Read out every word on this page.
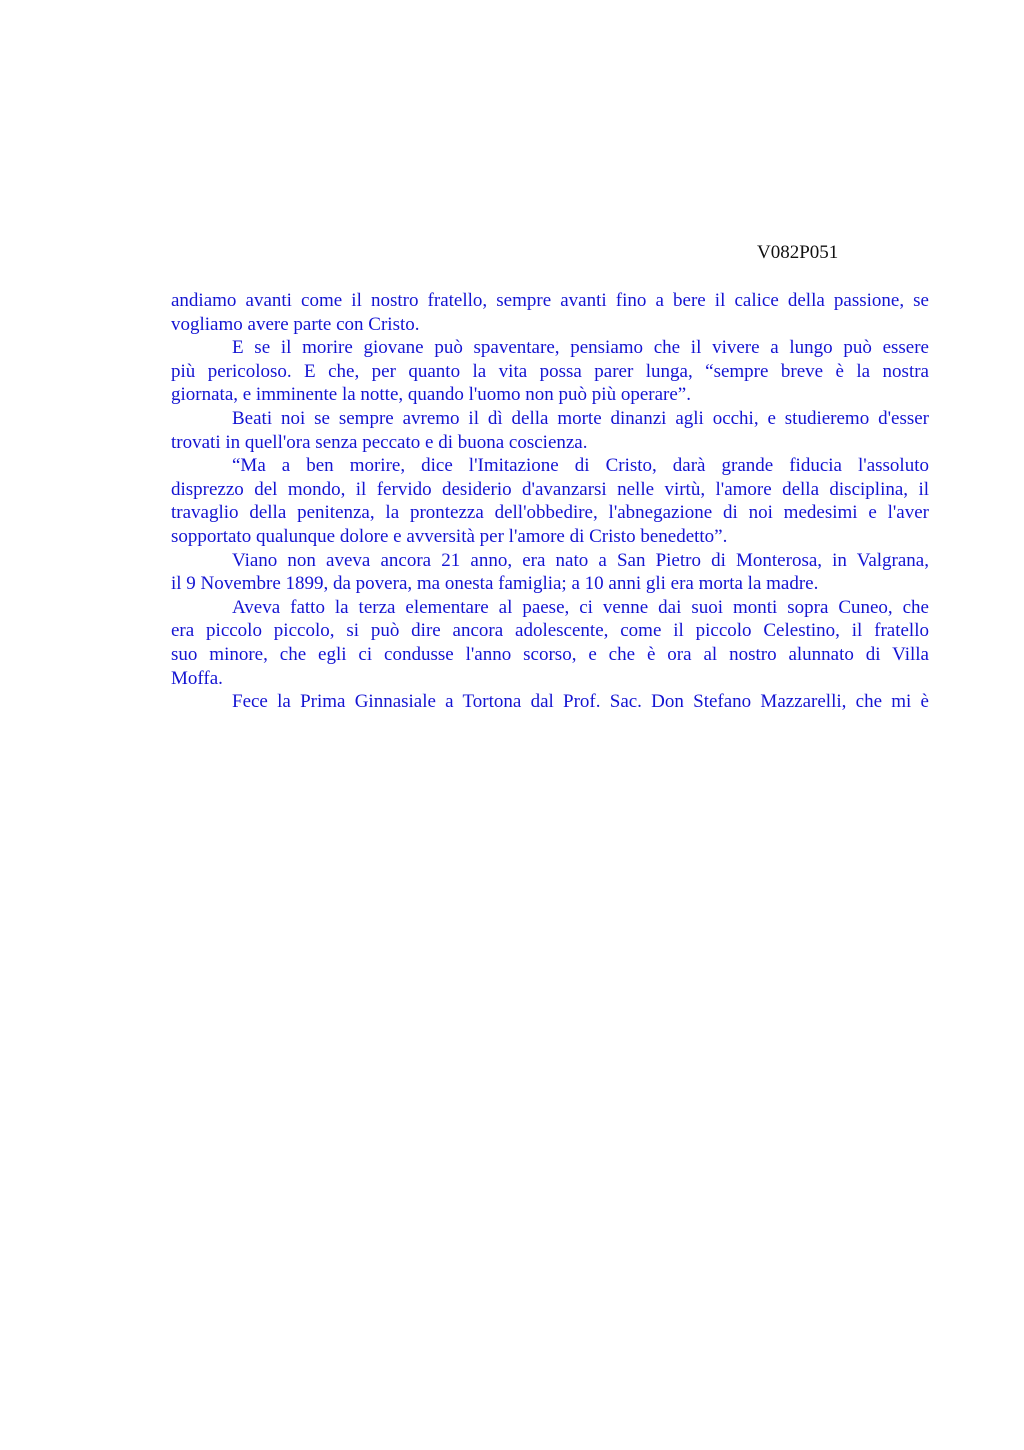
V082P051
andiamo avanti come il nostro fratello, sempre avanti fino a bere il calice della passione, se
vogliamo avere parte con Cristo.
E se il morire giovane può spaventare, pensiamo che il vivere a lungo può essere
più pericoloso. E che, per quanto la vita possa parer lunga, “sempre breve è la nostra
giornata, e imminente la notte, quando l'uomo non può più operare”.
Beati noi se sempre avremo il dì della morte dinanzi agli occhi, e studieremo d'esser
trovati in quell'ora senza peccato e di buona coscienza.
“Ma a ben morire, dice l'Imitazione di Cristo, darà grande fiducia l'assoluto
disprezzo del mondo, il fervido desiderio d'avanzarsi nelle virtù, l'amore della disciplina, il
travaglio della penitenza, la prontezza dell'obbedire, l'abnegazione di noi medesimi e l'aver
sopportato qualunque dolore e avversità per l'amore di Cristo benedetto”.
Viano non aveva ancora 21 anno, era nato a San Pietro di Monterosa, in Valgrana,
il 9 Novembre 1899, da povera, ma onesta famiglia; a 10 anni gli era morta la madre.
Aveva fatto la terza elementare al paese, ci venne dai suoi monti sopra Cuneo, che
era piccolo piccolo, si può dire ancora adolescente, come il piccolo Celestino, il fratello
suo minore, che egli ci condusse l'anno scorso, e che è ora al nostro alunnato di Villa
Moffa.
Fece la Prima Ginnasiale a Tortona dal Prof. Sac. Don Stefano Mazzarelli, che mi è
